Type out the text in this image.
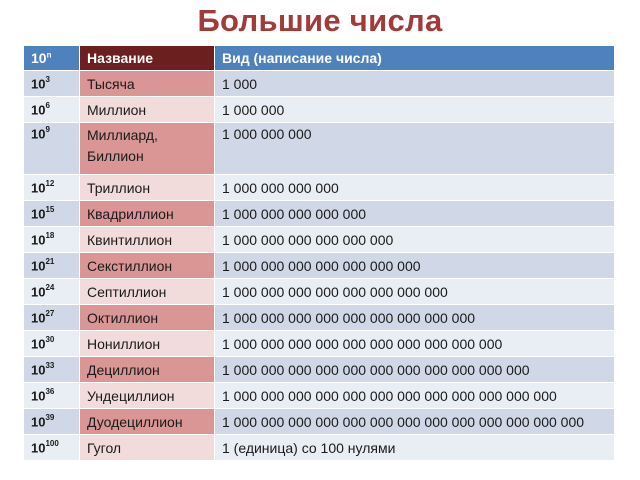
Большие числа
10$^n$	Название	Вид (написание числа)
$10^3$	Тысяча	1 000
$10^6$	Миллион	1 000 000
$10^9$	Миллиард, Биллион	1 000 000 000
$10^{12}$	Триллион	1 000 000 000 000
$10^{15}$	Квадриллион	1 000 000 000 000 000
$10^{18}$	Квинтиллион	1 000 000 000 000 000 000
$10^{21}$	Секстиллион	1 000 000 000 000 000 000 000
$10^{24}$	Септиллион	1 000 000 000 000 000 000 000 000
$10^{27}$	Октиллион	1 000 000 000 000 000 000 000 000 000
$10^{30}$	Нониллион	1 000 000 000 000 000 000 000 000 000 000
$10^{33}$	Дециллион	1 000 000 000 000 000 000 000 000 000 000 000
$10^{36}$	Ундециллион	1 000 000 000 000 000 000 000 000 000 000 000 000
$10^{39}$	Дуодециллион	1 000 000 000 000 000 000 000 000 000 000 000 000 000
$10^{100}$	Гугол	1 (единица) со 100 нулями
